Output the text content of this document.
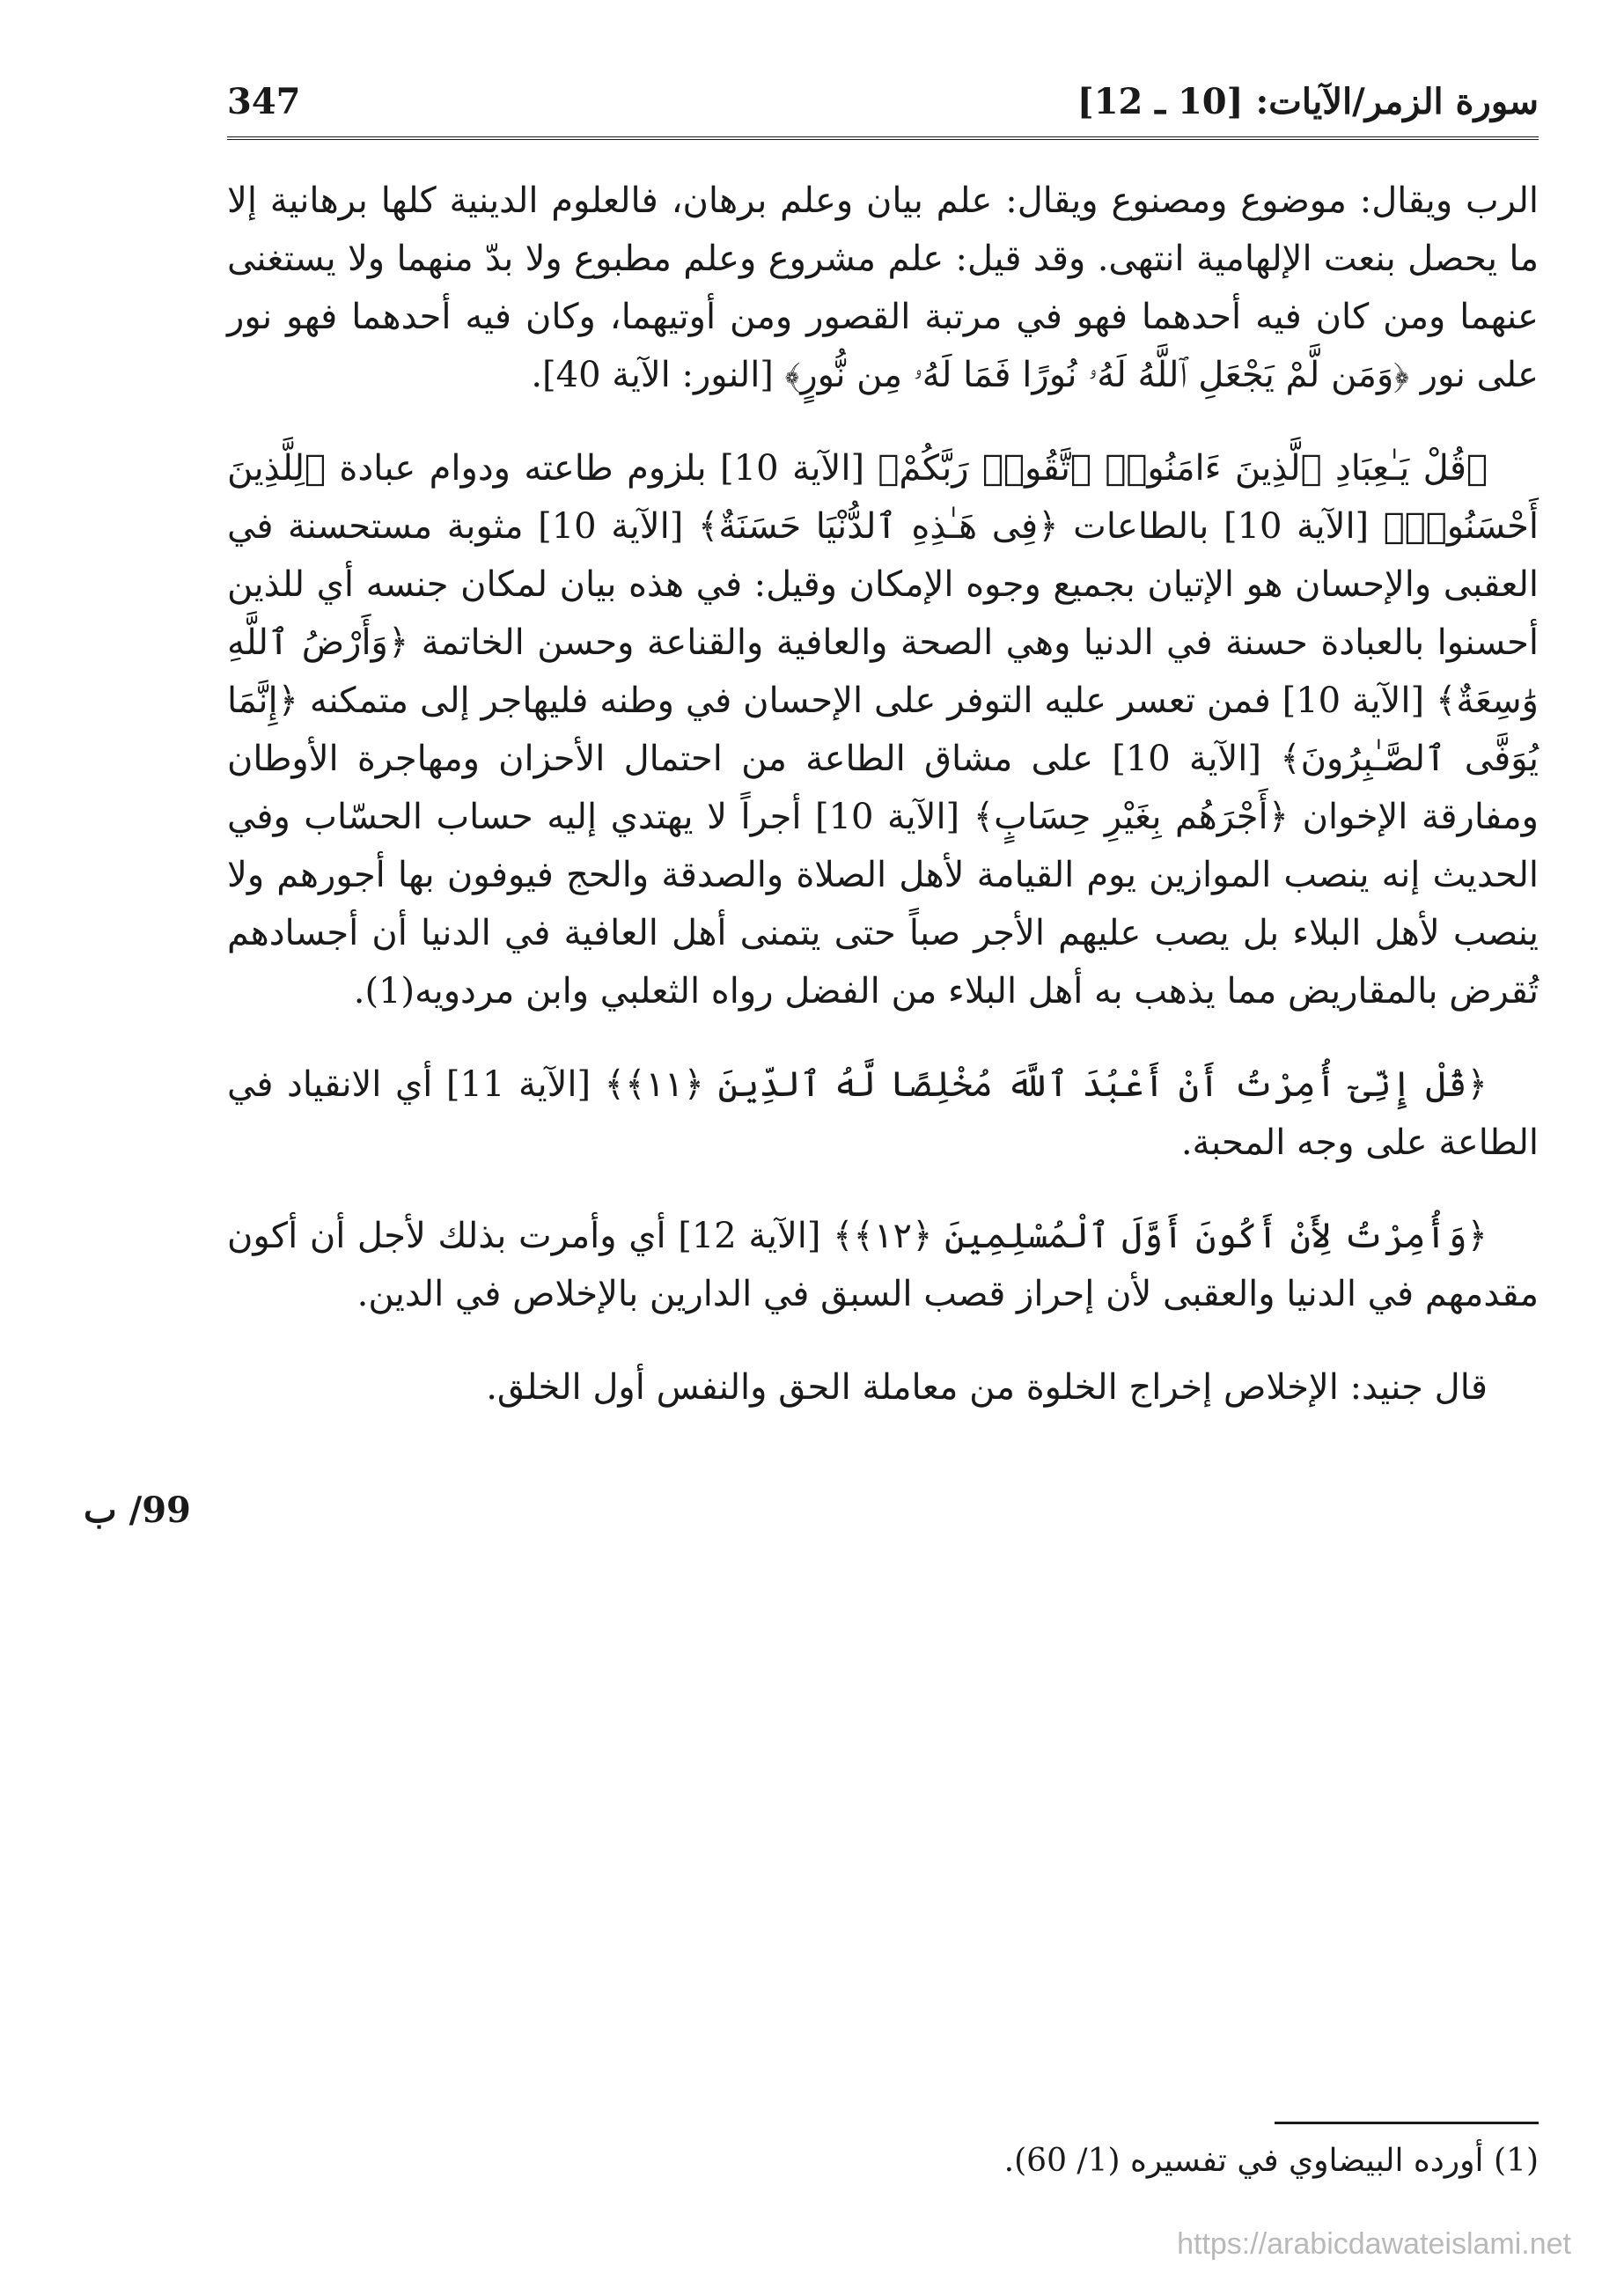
347	سورة الزمر/الآيات: [10 ـ 12]

الرب ويقال: موضوع ومصنوع ويقال: علم بيان وعلم برهان، فالعلوم الدينية كلها برهانية إلا ما يحصل بنعت الإلهامية انتهى. وقد قيل: علم مشروع وعلم مطبوع ولا بدّ منهما ولا يستغنى عنهما ومن كان فيه أحدهما فهو في مرتبة القصور ومن أوتيهما، وكان فيه أحدهما فهو نور على نور ﴿وَمَن لَّمْ يَجْعَلِ ٱللَّهُ لَهُۥ نُورًا فَمَا لَهُۥ مِن نُّورٍ﴾ [النور: الآية 40].

﴿قُلْ يَـٰعِبَادِ ٱلَّذِينَ ءَامَنُوا۟ ٱتَّقُوا۟ رَبَّكُمْ﴾ [الآية 10] بلزوم طاعته ودوام عبادة ﴿لِلَّذِينَ أَحْسَنُوا۟﴾ [الآية 10] بالطاعات ﴿فِى هَـٰذِهِ ٱلدُّنْيَا حَسَنَةٌ﴾ [الآية 10] مثوبة مستحسنة في العقبى والإحسان هو الإتيان بجميع وجوه الإمكان وقيل: في هذه بيان لمكان جنسه أي للذين أحسنوا بالعبادة حسنة في الدنيا وهي الصحة والعافية والقناعة وحسن الخاتمة ﴿وَأَرْضُ ٱللَّهِ وَٰسِعَةٌ﴾ [الآية 10] فمن تعسر عليه التوفر على الإحسان في وطنه فليهاجر إلى متمكنه ﴿إِنَّمَا يُوَفَّى ٱلصَّـٰبِرُونَ﴾ [الآية 10] على مشاق الطاعة من احتمال الأحزان ومهاجرة الأوطان ومفارقة الإخوان ﴿أَجْرَهُم بِغَيْرِ حِسَابٍ﴾ [الآية 10] أجراً لا يهتدي إليه حساب الحسّاب وفي الحديث إنه ينصب الموازين يوم القيامة لأهل الصلاة والصدقة والحج فيوفون بها أجورهم ولا ينصب لأهل البلاء بل يصب عليهم الأجر صباً حتى يتمنى أهل العافية في الدنيا أن أجسادهم تُقرض بالمقاريض مما يذهب به أهل البلاء من الفضل رواه الثعلبي وابن مردويه(1).

﴿قُلْ إِنِّىٓ أُمِرْتُ أَنْ أَعْبُدَ ٱللَّهَ مُخْلِصًا لَّهُ ٱلدِّينَ ﴿١١﴾﴾ [الآية 11] أي الانقياد في الطاعة على وجه المحبة.

﴿وَأُمِرْتُ لِأَنْ أَكُونَ أَوَّلَ ٱلْمُسْلِمِينَ ﴿١٢﴾﴾ [الآية 12] أي وأمرت بذلك لأجل أن أكون مقدمهم في الدنيا والعقبى لأن إحراز قصب السبق في الدارين بالإخلاص في الدين.

قال جنيد: الإخلاص إخراج الخلوة من معاملة الحق والنفس أول الخلق.

99/ ب
(1) أورده البيضاوي في تفسيره (1/ 60).
https://arabicdawateislami.net
